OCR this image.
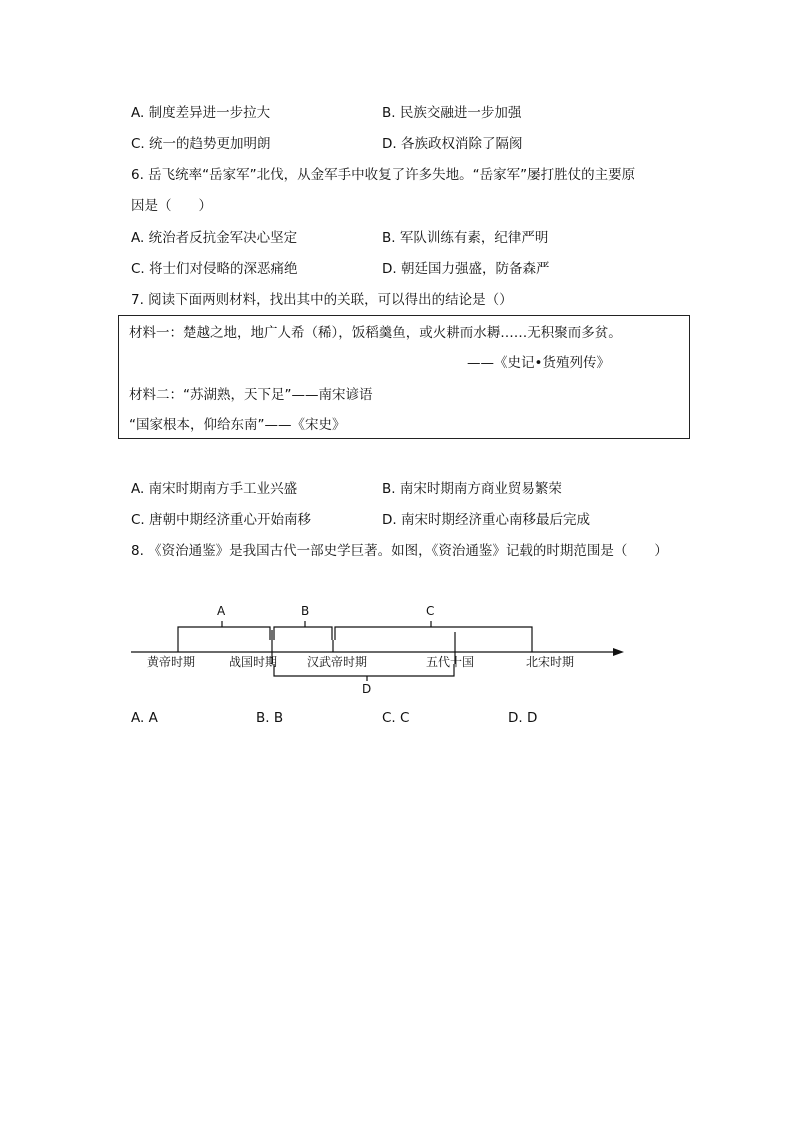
A. 制度差异进一步拉大	B. 民族交融进一步加强
C. 统一的趋势更加明朗	D. 各族政权消除了隔阂
6. 岳飞统率“岳家军”北伐，从金军手中收复了许多失地。“岳家军”屡打胜仗的主要原
因是（　　）
A. 统治者反抗金军决心坚定	B. 军队训练有素，纪律严明
C. 将士们对侵略的深恶痛绝	D. 朝廷国力强盛，防备森严
7. 阅读下面两则材料，找出其中的关联，可以得出的结论是（）
材料一：楚越之地，地广人希（稀），饭稻羹鱼，或火耕而水耨……无积聚而多贫。
——《史记•货殖列传》
材料二：“苏湖熟，天下足”——南宋谚语
“国家根本，仰给东南”——《宋史》
A. 南宋时期南方手工业兴盛	B. 南宋时期南方商业贸易繁荣
C. 唐朝中期经济重心开始南移	D. 南宋时期经济重心南移最后完成
8. 《资治通鉴》是我国古代一部史学巨著。如图，《资治通鉴》记载的时期范围是（　　）
A	B	C
D
黄帝时期	战国时期 汉武帝时期	五代十国	北宋时期
A. A	B. B	C. C	D. D
